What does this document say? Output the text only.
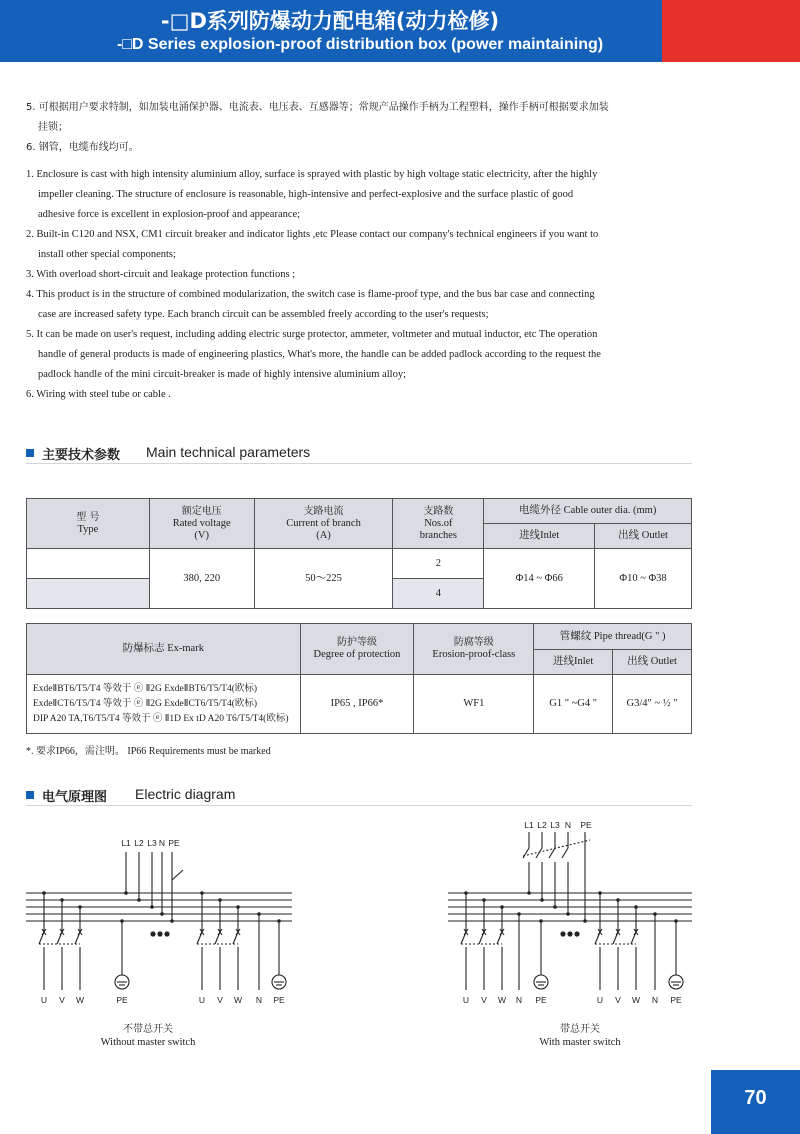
-□D系列防爆动力配电箱(动力检修)
-□D Series explosion-proof distribution box (power maintaining)
5. 可根据用户要求特制，如加装电涌保护器、电流表、电压表、互感器等；常规产品操作手柄为工程塑料，操作手柄可根据要求加装
挂锁；
6. 钢管，电缆布线均可。
1. Enclosure is cast with high intensity aluminium alloy, surface is sprayed with plastic by high voltage static electricity, after the highly
impeller cleaning. The structure of enclosure is reasonable, high-intensive and perfect-explosive and the surface plastic of good
adhesive force is excellent in explosion-proof and appearance;
2. Built-in C120 and NSX, CM1 circuit breaker and indicator lights ,etc Please contact our company's technical engineers if you want to
install other special components;
3. With overload short-circuit and leakage protection functions ;
4. This product is in the structure of combined modularization, the switch case is flame-proof type, and the bus bar case and connecting
case are increased safety type. Each branch circuit can be assembled freely according to the user's requests;
5. It can be made on user's request, including adding electric surge protector, ammeter, voltmeter and mutual inductor, etc The operation
handle of general products is made of engineering plastics, What's more, the handle can be added padlock according to the request the
padlock handle of the mini circuit-breaker is made of highly intensive aluminium alloy;
6. Wiring with steel tube or cable .
主要技术参数 Main technical parameters
型 号
Type	额定电压
Rated voltage
(V)	支路电流
Current of branch
(A)	支路数
Nos.of
branches	电缆外径 Cable outer dia. (mm)	
				进线Inlet	出线 Outlet
	380, 220	50～225	2	Φ14 ~ Φ66	Φ10 ~ Φ38
			4		
防爆标志 Ex-mark	防护等级
Degree of protection	防腐等级
Erosion-proof-class	管螺纹 Pipe thread(G " )	
			进线Inlet	出线 Outlet
ExdeⅡBT6/T5/T4 等效于 ⓔ Ⅱ2G ExdeⅡBT6/T5/T4(欧标)
ExdeⅡCT6/T5/T4 等效于 ⓔ Ⅱ2G ExdeⅡCT6/T5/T4(欧标)
DIP A20 TA,T6/T5/T4 等效于 ⓔ Ⅱ1D Ex tD A20 T6/T5/T4(欧标)	IP65 , IP66*	WF1	G1 " ~G4 "	G3/4" ~ ½ "
*. 要求IP66，需注明。 IP66 Requirements must be marked
电气原理图 Electric diagram
L1 L2 L3 N PE
L1 L2 L3 N PE
U V W	PE	U V W N PE	U V W N PE	U V W N PE
不带总开关
Without master switch
带总开关
With master switch
70
